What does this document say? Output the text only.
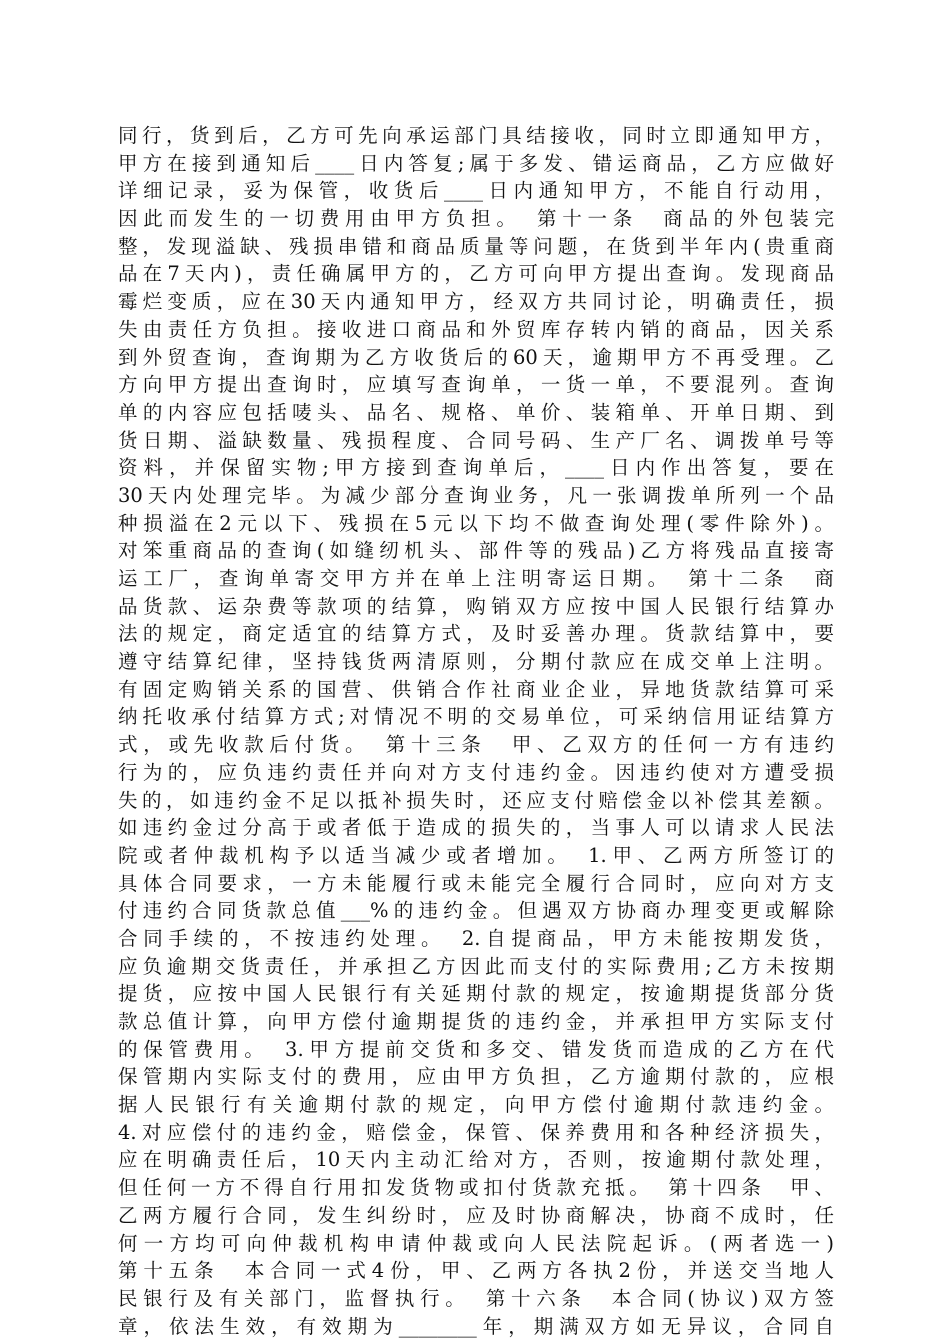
同行，货到后，乙方可先向承运部门具结接收，同时立即通知甲方，
甲方在接到通知后____日内答复;属于多发、错运商品，乙方应做好
详细记录，妥为保管，收货后____日内通知甲方，不能自行动用，
因此而发生的一切费用由甲方负担。　第十一条　商品的外包装完
整，发现溢缺、残损串错和商品质量等问题，在货到半年内(贵重商
品在7天内)，责任确属甲方的，乙方可向甲方提出查询。发现商品
霉烂变质，应在30天内通知甲方，经双方共同讨论，明确责任，损
失由责任方负担。接收进口商品和外贸库存转内销的商品，因关系
到外贸查询，查询期为乙方收货后的60天，逾期甲方不再受理。乙
方向甲方提出查询时，应填写查询单，一货一单，不要混列。查询
单的内容应包括唛头、品名、规格、单价、装箱单、开单日期、到
货日期、溢缺数量、残损程度、合同号码、生产厂名、调拨单号等
资料，并保留实物;甲方接到查询单后，____日内作出答复，要在
30天内处理完毕。为减少部分查询业务，凡一张调拨单所列一个品
种损溢在2元以下、残损在5元以下均不做查询处理(零件除外)。
对笨重商品的查询(如缝纫机头、部件等的残品)乙方将残品直接寄
运工厂，查询单寄交甲方并在单上注明寄运日期。　第十二条　商
品货款、运杂费等款项的结算，购销双方应按中国人民银行结算办
法的规定，商定适宜的结算方式，及时妥善办理。货款结算中，要
遵守结算纪律，坚持钱货两清原则，分期付款应在成交单上注明。
有固定购销关系的国营、供销合作社商业企业，异地货款结算可采
纳托收承付结算方式;对情况不明的交易单位，可采纳信用证结算方
式，或先收款后付货。　第十三条　甲、乙双方的任何一方有违约
行为的，应负违约责任并向对方支付违约金。因违约使对方遭受损
失的，如违约金不足以抵补损失时，还应支付赔偿金以补偿其差额。
如违约金过分高于或者低于造成的损失的，当事人可以请求人民法
院或者仲裁机构予以适当减少或者增加。　1.甲、乙两方所签订的
具体合同要求，一方未能履行或未能完全履行合同时，应向对方支
付违约合同货款总值___%的违约金。但遇双方协商办理变更或解除
合同手续的，不按违约处理。　2.自提商品，甲方未能按期发货，
应负逾期交货责任，并承担乙方因此而支付的实际费用;乙方未按期
提货，应按中国人民银行有关延期付款的规定，按逾期提货部分货
款总值计算，向甲方偿付逾期提货的违约金，并承担甲方实际支付
的保管费用。　3.甲方提前交货和多交、错发货而造成的乙方在代
保管期内实际支付的费用，应由甲方负担，乙方逾期付款的，应根
据人民银行有关逾期付款的规定，向甲方偿付逾期付款违约金。
4.对应偿付的违约金，赔偿金，保管、保养费用和各种经济损失，
应在明确责任后，10天内主动汇给对方，否则，按逾期付款处理，
但任何一方不得自行用扣发货物或扣付货款充抵。　第十四条　甲、
乙两方履行合同，发生纠纷时，应及时协商解决，协商不成时，任
何一方均可向仲裁机构申请仲裁或向人民法院起诉。(两者选一)
第十五条　本合同一式4份，甲、乙两方各执2份，并送交当地人
民银行及有关部门，监督执行。　第十六条　本合同(协议)双方签
章，依法生效，有效期为________年，期满双方如无异议，合同自
